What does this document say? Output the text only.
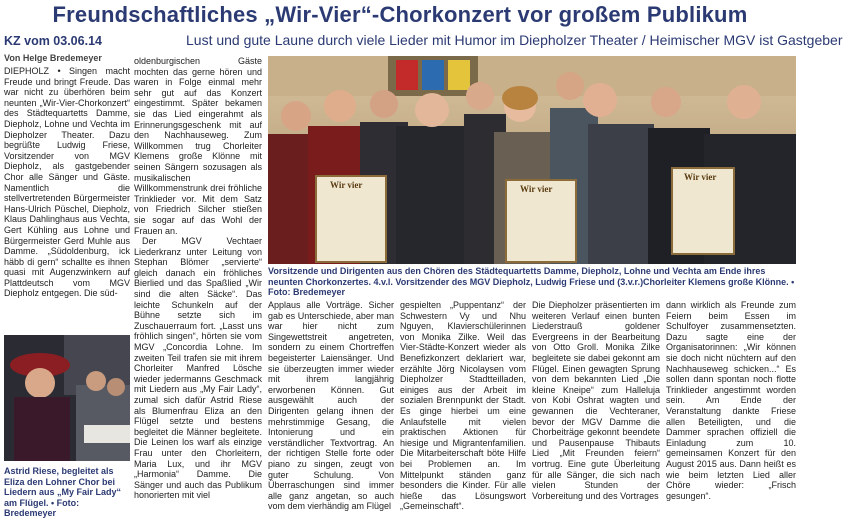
Freundschaftliches „Wir-Vier“-Chorkonzert vor großem Publikum
KZ vom 03.06.14	Lust und gute Laune durch viele Lieder mit Humor im Diepholzer Theater / Heimischer MGV ist Gastgeber
Von Helge Bredemeyer

DIEPHOLZ • Singen macht Freude und bringt Freude. Das war nicht zu überhören beim neunten „Wir-Vier-Chorkonzert“ des Städtequartetts Damme, Diepholz, Lohne und Vechta im Diepholzer Theater. Dazu begrüßte Ludwig Friese, Vorsitzender von MGV Diepholz, als gastgebender Chor alle Sänger und Gäste. Namentlich die stellvertretenden Bürgermeister Hans-Ulrich Püschel, Diepholz, Klaus Dahlinghaus aus Vechta, Gert Kühling aus Lohne und Bürgermeister Gerd Muhle aus Damme. „Südoldenburg, ick häbb di gern“ schallte es ihnen quasi mit Augenzwinkern auf Plattdeutsch vom MGV Diepholz entgegen. Die süd-

oldenburgischen Gäste mochten das gerne hören und waren in Folge einmal mehr sehr gut auf das Konzert eingestimmt. Später bekamen sie das Lied eingerahmt als Erinnerungsgeschenk mit auf den Nachhauseweg. Zum Willkommen trug Chorleiter Klemens große Klönne mit seinen Sängern sozusagen als musikalischen Willkommenstrunk drei fröhliche Trinklieder vor. Mit dem Satz von Friedrich Silcher stießen sie sogar auf das Wohl der Frauen an.

Der MGV Vechtaer Liederkranz unter Leitung von Stephan Blömer „servierte“ gleich danach ein fröhliches Bierlied und das Spaßlied „Wir sind die alten Säcke“. Das leichte Schunkeln auf der Bühne setzte sich im Zuschauerraum fort. „Lasst uns fröhlich singen“, hörten sie vom MGV „Concordia Lohne. Im zweiten Teil trafen sie mit ihrem Chorleiter Manfred Lösche wieder jedermanns Geschmack mit Liedern aus „My Fair Lady“, zumal sich dafür Astrid Riese als Blumenfrau Eliza an den Flügel setzte und bestens begleitet die Männer begleitete. Die Leinen los warf als einzige Frau unter den Chorleitern, Maria Lux, und ihr MGV „Harmonia“ Damme. Die Sänger und auch das Publikum honorierten mit viel

Astrid Riese, begleitet als Eliza den Lohner Chor bei Liedern aus „My Fair Lady“ am Flügel. • Foto: Bredemeyer
Wir vier	Wir vier
Wir vier
Vorsitzende und Dirigenten aus den Chören des Städtequartetts Damme, Diepholz, Lohne und Vechta am Ende ihres neunten Chorkonzertes. 4.v.l. Vorsitzender des MGV Diepholz, Ludwig Friese und (3.v.r.)Chorleiter Klemens große Klönne. • Foto: Bredemeyer

Applaus alle Vorträge. Sicher gab es Unterschiede, aber man war hier nicht zum Singewettstreit angetreten, sondern zu einem Chortreffen begeisterter Laiensänger. Und sie überzeugten immer wieder mit ihrem langjährig erworbenen Können. Gut ausgewählt auch der Dirigenten gelang ihnen der mehrstimmige Gesang, die Intonierung und ein verständlicher Textvortrag. An der richtigen Stelle forte oder piano zu singen, zeugt von guter Schulung. Von Überraschungen sind immer alle ganz angetan, so auch vom dem vierhändig am Flügel

gespielten „Puppentanz“ der Schwestern Vy und Nhu Nguyen, Klavierschülerinnen von Monika Zilke. Weil das Vier-Städte-Konzert wieder als Benefizkonzert deklariert war, erzählte Jörg Nicolaysen vom Diepholzer Stadtteilladen, einiges aus der Arbeit im sozialen Brennpunkt der Stadt. Es ginge hierbei um eine Anlaufstelle mit vielen praktischen Aktionen für hiesige und Migrantenfamilien. Die Mitarbeiterschaft böte Hilfe bei Problemen an. Im Mittelpunkt ständen ganz besonders die Kinder. Für alle hieße das Lösungswort „Gemeinschaft“.

Die Diepholzer präsentierten im weiteren Verlauf einen bunten Liederstrauß goldener Evergreens in der Bearbeitung von Otto Groll. Monika Zilke begleitete sie dabei gekonnt am Flügel. Einen gewagten Sprung von dem bekannten Lied „Die kleine Kneipe“ zum Halleluja von Kobi Oshrat wagten und gewannen die Vechteraner, bevor der MGV Damme die Chorbeiträge gekonnt beendete und Pausenpause Thibauts Lied „Mit Freunden feiern“ vortrug. Eine gute Überleitung für alle Sänger, die sich nach vielen Stunden der Vorbereitung und des Vortrages

dann wirklich als Freunde zum Feiern beim Essen im Schulfoyer zusammensetzten. Dazu sagte eine der Organisatorinnen: „Wir können sie doch nicht nüchtern auf den Nachhauseweg schicken...“ Es sollen dann spontan noch flotte Trinklieder angestimmt worden sein. Am Ende der Veranstaltung dankte Friese allen Beteiligten, und die Dammer sprachen offiziell die Einladung zum 10. gemeinsamen Konzert für den August 2015 aus. Dann heißt es wie beim letzten Lied aller Chöre wieder: „Frisch gesungen“.
